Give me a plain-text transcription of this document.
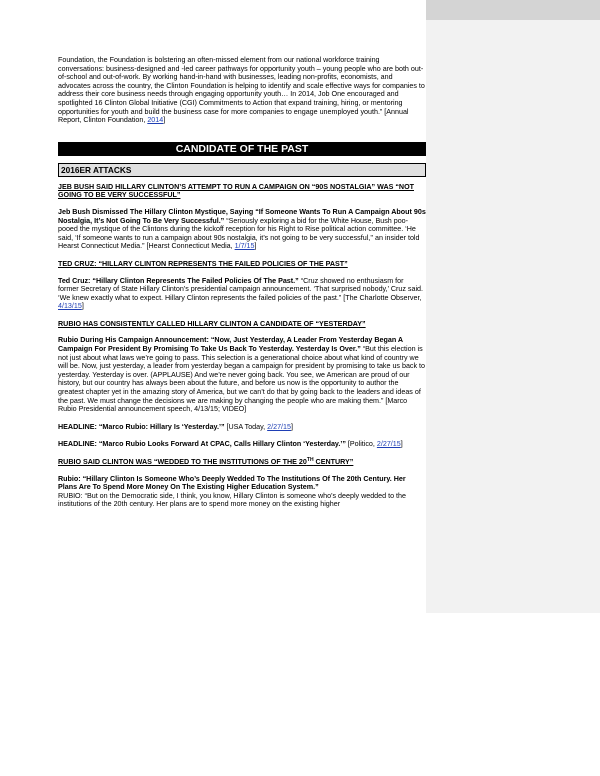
Foundation, the Foundation is bolstering an often-missed element from our national workforce training conversations: business-designed and -led career pathways for opportunity youth – young people who are both out-of-school and out-of-work. By working hand-in-hand with businesses, leading non-profits, economists, and advocates across the country, the Clinton Foundation is helping to identify and scale effective ways for companies to address their core business needs through engaging opportunity youth… In 2014, Job One encouraged and spotlighted 16 Clinton Global Initiative (CGI) Commitments to Action that expand training, hiring, or mentoring opportunities for youth and build the business case for more companies to engage unemployed youth.” [Annual Report, Clinton Foundation, 2014]

CANDIDATE OF THE PAST
2016ER ATTACKS

JEB BUSH SAID HILLARY CLINTON’S ATTEMPT TO RUN A CAMPAIGN ON “90S NOSTALGIA” WAS “NOT GOING TO BE VERY SUCCESSFUL”

Jeb Bush Dismissed The Hillary Clinton Mystique, Saying “If Someone Wants To Run A Campaign About 90s Nostalgia, It’s Not Going To Be Very Successful.” “Seriously exploring a bid for the White House, Bush poo-pooed the mystique of the Clintons during the kickoff reception for his Right to Rise political action committee. ‘He said, ‘If someone wants to run a campaign about 90s nostalgia, it’s not going to be very successful,’’ an insider told Hearst Connecticut Media.” [Hearst Connecticut Media, 1/7/15]

TED CRUZ: “HILLARY CLINTON REPRESENTS THE FAILED POLICIES OF THE PAST”

Ted Cruz: “Hillary Clinton Represents The Failed Policies Of The Past.” “Cruz showed no enthusiasm for former Secretary of State Hillary Clinton’s presidential campaign announcement. ‘That surprised nobody,’ Cruz said. ‘We knew exactly what to expect. Hillary Clinton represents the failed policies of the past.” [The Charlotte Observer, 4/13/15]

RUBIO HAS CONSISTENTLY CALLED HILLARY CLINTON A CANDIDATE OF “YESTERDAY”

Rubio During His Campaign Announcement: “Now, Just Yesterday, A Leader From Yesterday Began A Campaign For President By Promising To Take Us Back To Yesterday. Yesterday Is Over.” “But this election is not just about what laws we’re going to pass. This selection is a generational choice about what kind of country we will be. Now, just yesterday, a leader from yesterday began a campaign for president by promising to take us back to yesterday. Yesterday is over. (APPLAUSE) And we’re never going back. You see, we American are proud of our history, but our country has always been about the future, and before us now is the opportunity to author the greatest chapter yet in the amazing story of America, but we can’t do that by going back to the leaders and ideas of the past. We must change the decisions we are making by changing the people who are making them.” [Marco Rubio Presidential announcement speech, 4/13/15; VIDEO]

HEADLINE: “Marco Rubio: Hillary Is ‘Yesterday.’” [USA Today, 2/27/15]

HEADLINE: “Marco Rubio Looks Forward At CPAC, Calls Hillary Clinton ‘Yesterday.’” [Politico, 2/27/15]

RUBIO SAID CLINTON WAS “WEDDED TO THE INSTITUTIONS OF THE 20TH CENTURY”

Rubio: “Hillary Clinton Is Someone Who’s Deeply Wedded To The Institutions Of The 20th Century. Her Plans Are To Spend More Money On The Existing Higher Education System.”
RUBIO: “But on the Democratic side, I think, you know, Hillary Clinton is someone who’s deeply wedded to the institutions of the 20th century. Her plans are to spend more money on the existing higher
